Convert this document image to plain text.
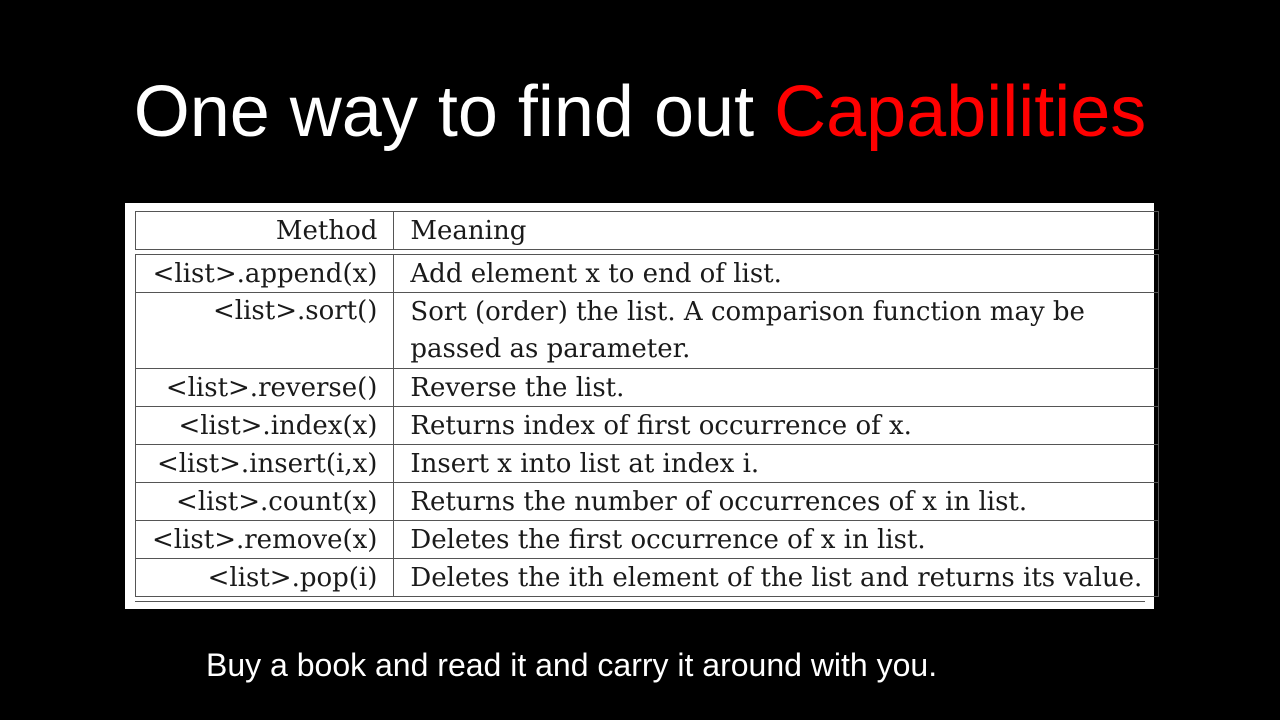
One way to find out Capabilities
Method	Meaning

<list>.append(x)	Add element x to end of list.
<list>.sort()	Sort (order) the list. A comparison function may be passed as parameter.
<list>.reverse()	Reverse the list.
<list>.index(x)	Returns index of first occurrence of x.
<list>.insert(i,x)	Insert x into list at index i.
<list>.count(x)	Returns the number of occurrences of x in list.
<list>.remove(x)	Deletes the first occurrence of x in list.
<list>.pop(i)	Deletes the ith element of the list and returns its value.
Buy a book and read it and carry it around with you.
